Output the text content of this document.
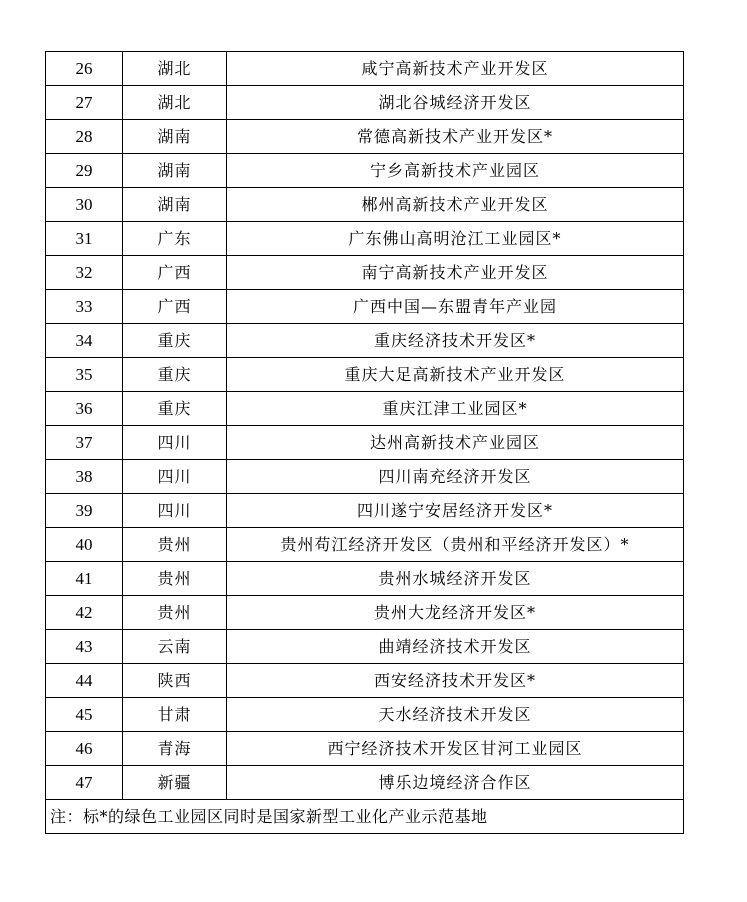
26	湖北	咸宁高新技术产业开发区
27	湖北	湖北谷城经济开发区
28	湖南	常德高新技术产业开发区*
29	湖南	宁乡高新技术产业园区
30	湖南	郴州高新技术产业开发区
31	广东	广东佛山高明沧江工业园区*
32	广西	南宁高新技术产业开发区
33	广西	广西中国—东盟青年产业园
34	重庆	重庆经济技术开发区*
35	重庆	重庆大足高新技术产业开发区
36	重庆	重庆江津工业园区*
37	四川	达州高新技术产业园区
38	四川	四川南充经济开发区
39	四川	四川遂宁安居经济开发区*
40	贵州	贵州苟江经济开发区（贵州和平经济开发区）*
41	贵州	贵州水城经济开发区
42	贵州	贵州大龙经济开发区*
43	云南	曲靖经济技术开发区
44	陕西	西安经济技术开发区*
45	甘肃	天水经济技术开发区
46	青海	西宁经济技术开发区甘河工业园区
47	新疆	博乐边境经济合作区
注：标*的绿色工业园区同时是国家新型工业化产业示范基地		
